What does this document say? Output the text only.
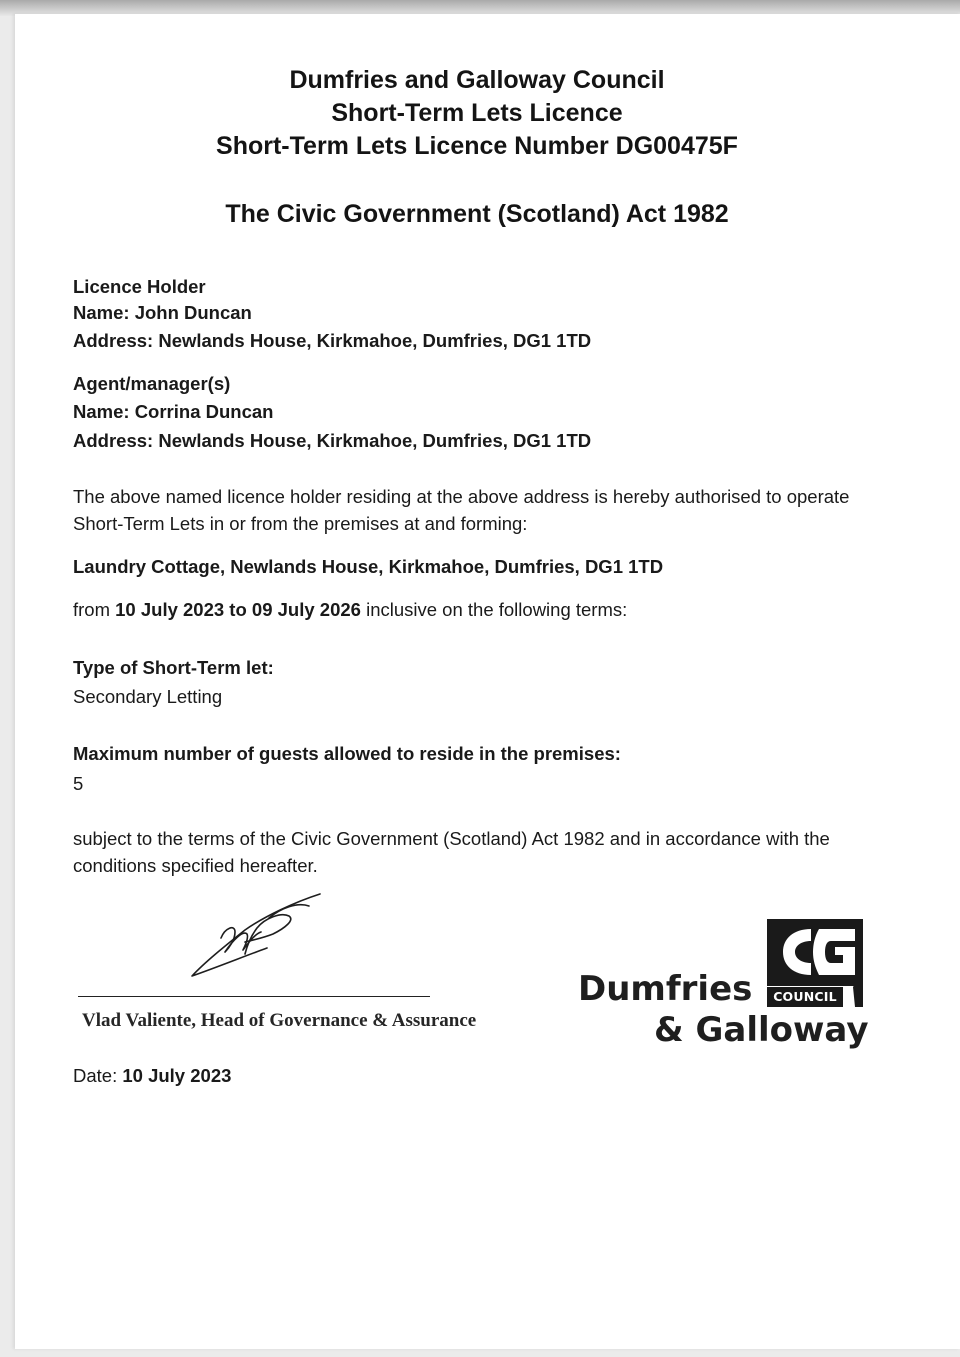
Dumfries and Galloway Council
Short-Term Lets Licence
Short-Term Lets Licence Number DG00475F
The Civic Government (Scotland) Act 1982
Licence Holder
Name: John Duncan
Address: Newlands House, Kirkmahoe, Dumfries, DG1 1TD
Agent/manager(s)
Name: Corrina Duncan
Address: Newlands House, Kirkmahoe, Dumfries, DG1 1TD
The above named licence holder residing at the above address is hereby authorised to operate
Short-Term Lets in or from the premises at and forming:
Laundry Cottage, Newlands House, Kirkmahoe, Dumfries, DG1 1TD
from 10 July 2023 to 09 July 2026 inclusive on the following terms:
Type of Short-Term let:
Secondary Letting
Maximum number of guests allowed to reside in the premises:
5
subject to the terms of the Civic Government (Scotland) Act 1982 and in accordance with the
conditions specified hereafter.
Vlad Valiente, Head of Governance & Assurance
Date: 10 July 2023
Dumfries
& Galloway
COUNCIL
